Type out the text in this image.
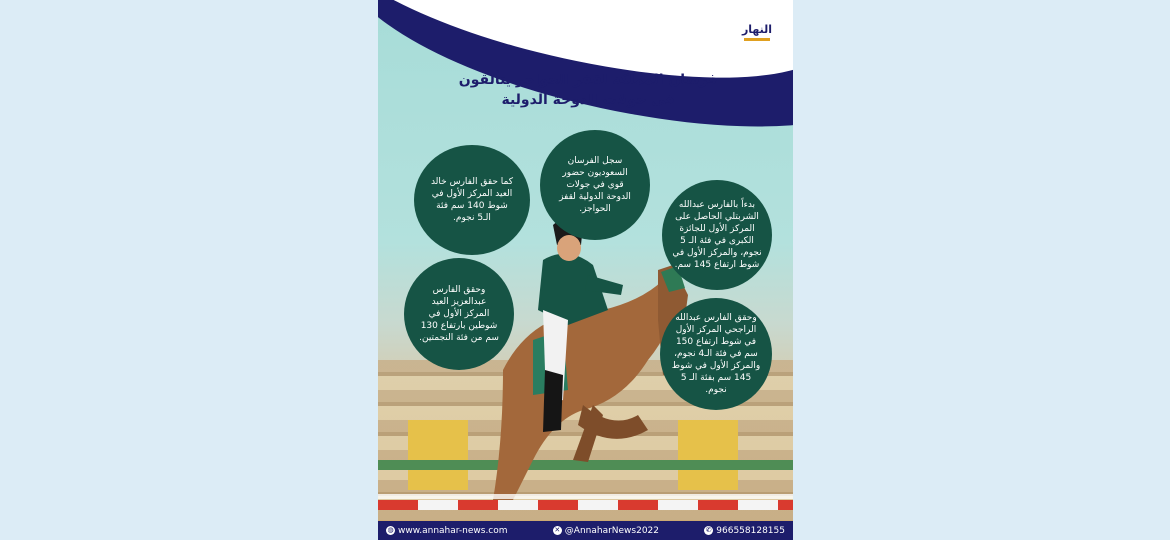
النهار
فرسان المملكة لقفز الحواجز يتألقون
في جولات الدوحة الدولية
سجل الفرسان السعوديون حضور قوي في جولات الدوحة الدولية لقفز الحواجز.
كما حقق الفارس خالد العيد المركز الأول في شوط 140 سم فئة الـ5 نجوم.
بدءاً بالفارس عبدالله الشربتلي الحاصل على المركز الأول للجائزة الكبرى في فئة الـ 5 نجوم، والمركز الأول في شوط ارتفاع 145 سم.
وحقق الفارس عبدالعزيز العيد المركز الأول في شوطين بارتفاع 130 سم من فئة النجمتين.
وحقق الفارس عبدالله الراجحي المركز الأول في شوط ارتفاع 150 سم في فئة الـ4 نجوم، والمركز الأول في شوط 145 سم بفئة الـ 5 نجوم.
◍ www.annahar-news.com	✕ @AnnaharNews2022	✆ 966558128155
